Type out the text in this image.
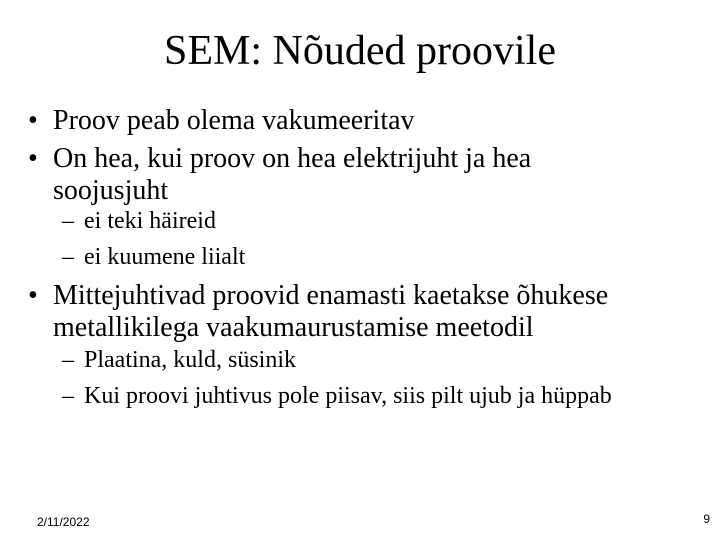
SEM: Nõuded proovile
• Proov peab olema vakumeeritav
• On hea, kui proov on hea elektrijuht ja hea
soojusjuht
– ei teki häireid
– ei kuumene liialt
• Mittejuhtivad proovid enamasti kaetakse õhukese
metallikilega vaakumaurustamise meetodil
– Plaatina, kuld, süsinik
– Kui proovi juhtivus pole piisav, siis pilt ujub ja hüppab
2/11/2022	9
